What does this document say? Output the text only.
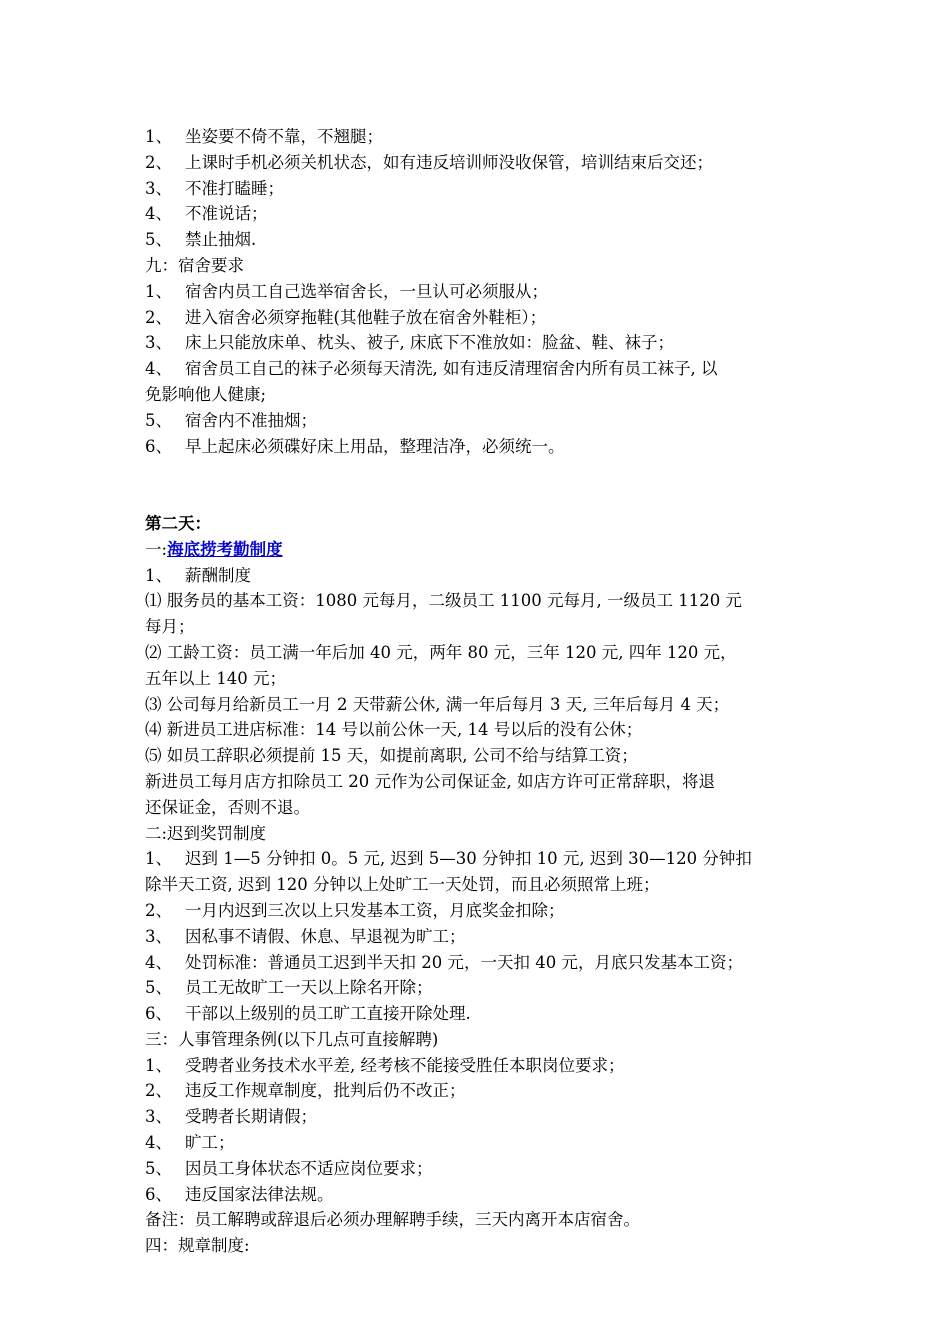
1、 坐姿要不倚不靠，不翘腿；
2、 上课时手机必须关机状态，如有违反培训师没收保管，培训结束后交还；
3、 不准打瞌睡；
4、 不准说话；
5、 禁止抽烟.
九：宿舍要求
1、 宿舍内员工自己选举宿舍长，一旦认可必须服从；
2、 进入宿舍必须穿拖鞋(其他鞋子放在宿舍外鞋柜）；
3、 床上只能放床单、枕头、被子, 床底下不准放如：脸盆、鞋、袜子；
4、 宿舍员工自己的袜子必须每天清洗, 如有违反清理宿舍内所有员工袜子, 以
免影响他人健康;
5、 宿舍内不准抽烟；
6、 早上起床必须碟好床上用品，整理洁净，必须统一。
第二天：
一:海底捞考勤制度
1、 薪酬制度
⑴ 服务员的基本工资：1080 元每月，二级员工 1100 元每月, 一级员工 1120 元
每月；
⑵ 工龄工资：员工满一年后加 40 元，两年 80 元，三年 120 元, 四年 120 元，
五年以上 140 元；
⑶ 公司每月给新员工一月 2 天带薪公休, 满一年后每月 3 天, 三年后每月 4 天；
⑷ 新进员工进店标准：14 号以前公休一天, 14 号以后的没有公休；
⑸ 如员工辞职必须提前 15 天，如提前离职, 公司不给与结算工资；
新进员工每月店方扣除员工 20 元作为公司保证金, 如店方许可正常辞职，将退
还保证金，否则不退。
二:迟到奖罚制度
1、 迟到 1—5 分钟扣 0。5 元, 迟到 5—30 分钟扣 10 元, 迟到 30—120 分钟扣
除半天工资, 迟到 120 分钟以上处旷工一天处罚，而且必须照常上班；
2、 一月内迟到三次以上只发基本工资，月底奖金扣除；
3、 因私事不请假、休息、早退视为旷工；
4、 处罚标准：普通员工迟到半天扣 20 元，一天扣 40 元，月底只发基本工资；
5、 员工无故旷工一天以上除名开除；
6、 干部以上级别的员工旷工直接开除处理.
三：人事管理条例(以下几点可直接解聘)
1、 受聘者业务技术水平差, 经考核不能接受胜任本职岗位要求；
2、 违反工作规章制度，批判后仍不改正；
3、 受聘者长期请假；
4、 旷工；
5、 因员工身体状态不适应岗位要求；
6、 违反国家法律法规。
备注：员工解聘或辞退后必须办理解聘手续，三天内离开本店宿舍。
四：规章制度:
